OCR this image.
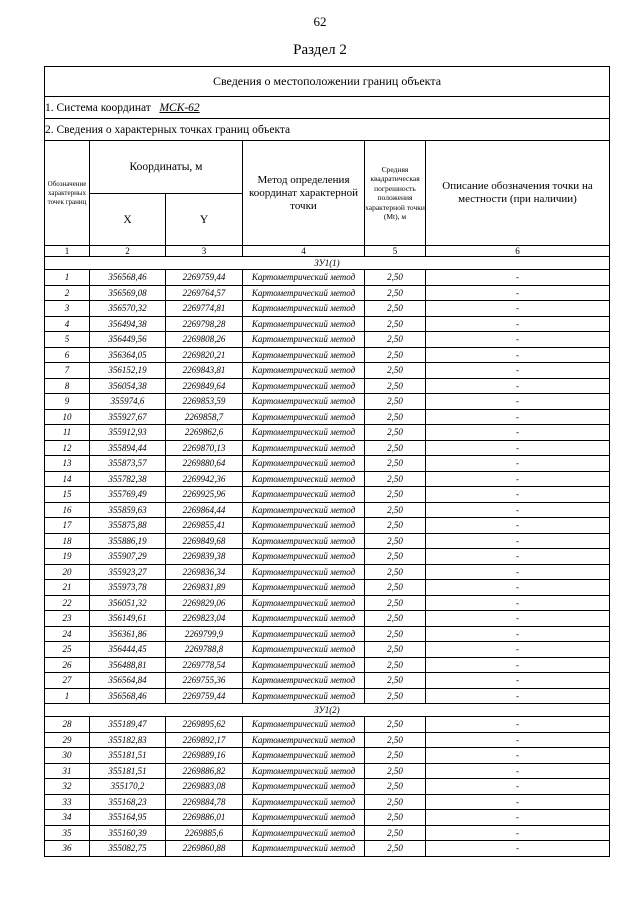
62
Раздел 2
Сведения о местоположении границ объекта					
1. Система координат МСК-62					
2. Сведения о характерных точках границ объекта					
Обозначение характерных точек границ	Координаты, м		Метод определения координат характерной точки	Средняя квадратическая погрешность положения характерной точки (Мt), м	Описание обозначения точки на местности (при наличии)
	X	Y			
1	2	3	4	5	6
ЗУ1(1)					
1	356568,46	2269759,44	Картометрический метод	2,50	-
2	356569,08	2269764,57	Картометрический метод	2,50	-
3	356570,32	2269774,81	Картометрический метод	2,50	-
4	356494,38	2269798,28	Картометрический метод	2,50	-
5	356449,56	2269808,26	Картометрический метод	2,50	-
6	356364,05	2269820,21	Картометрический метод	2,50	-
7	356152,19	2269843,81	Картометрический метод	2,50	-
8	356054,38	2269849,64	Картометрический метод	2,50	-
9	355974,6	2269853,59	Картометрический метод	2,50	-
10	355927,67	2269858,7	Картометрический метод	2,50	-
11	355912,93	2269862,6	Картометрический метод	2,50	-
12	355894,44	2269870,13	Картометрический метод	2,50	-
13	355873,57	2269880,64	Картометрический метод	2,50	-
14	355782,38	2269942,36	Картометрический метод	2,50	-
15	355769,49	2269925,96	Картометрический метод	2,50	-
16	355859,63	2269864,44	Картометрический метод	2,50	-
17	355875,88	2269855,41	Картометрический метод	2,50	-
18	355886,19	2269849,68	Картометрический метод	2,50	-
19	355907,29	2269839,38	Картометрический метод	2,50	-
20	355923,27	2269836,34	Картометрический метод	2,50	-
21	355973,78	2269831,89	Картометрический метод	2,50	-
22	356051,32	2269829,06	Картометрический метод	2,50	-
23	356149,61	2269823,04	Картометрический метод	2,50	-
24	356361,86	2269799,9	Картометрический метод	2,50	-
25	356444,45	2269788,8	Картометрический метод	2,50	-
26	356488,81	2269778,54	Картометрический метод	2,50	-
27	356564,84	2269755,36	Картометрический метод	2,50	-
1	356568,46	2269759,44	Картометрический метод	2,50	-
ЗУ1(2)					
28	355189,47	2269895,62	Картометрический метод	2,50	-
29	355182,83	2269892,17	Картометрический метод	2,50	-
30	355181,51	2269889,16	Картометрический метод	2,50	-
31	355181,51	2269886,82	Картометрический метод	2,50	-
32	355170,2	2269883,08	Картометрический метод	2,50	-
33	355168,23	2269884,78	Картометрический метод	2,50	-
34	355164,95	2269886,01	Картометрический метод	2,50	-
35	355160,39	2269885,6	Картометрический метод	2,50	-
36	355082,75	2269860,88	Картометрический метод	2,50	-
